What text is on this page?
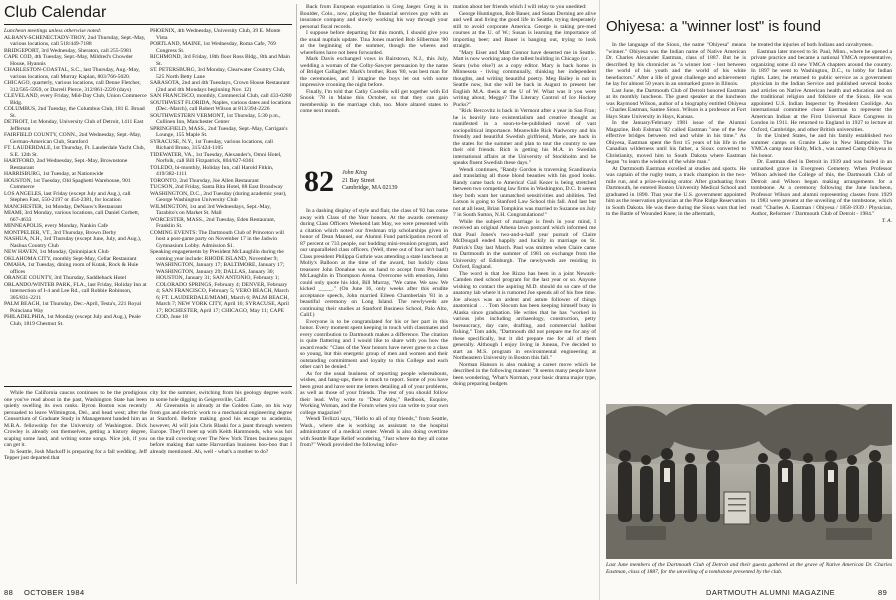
Club Calendar

Luncheon meetings unless otherwise noted:

ALBANY-SCHENECTADY-TROY, 2nd Thursday, Sept.-May, various locations, call 518/449-7188

BRIDGEPORT, 3rd Wednesday, Sheraton, call 255-5981

CAPE COD, 4th Tuesday, Sept.-May, Mildred's Chowder House, Hyannis

CHARLESTON-COASTAL, S.C., last Thursday, Aug.-May, various locations, call Murray Kaplan, 803/766-5020.

CHICAGO, quarterly, various locations, call Denne Fletcher, 312/565-5959, or Darrell Pierce, 312/861-2220 (days)

CLEVELAND, every Friday, Mid-Day Club, Union Commerce Bldg.

COLUMBUS, 2nd Tuesday, the Columbus Club, 181 E. Broad St.

DETROIT, 1st Monday, University Club of Detroit, 1411 East Jefferson

FAIRFIELD COUNTY, CONN., 2nd Wednesday, Sept.-May, German-American Club, Stamford

FT. LAUDERDALE, 1st Thursday, Ft. Lauderdale Yacht Club, S.E. 12th St.

HARTFORD, 2nd Wednesday, Sept.-May, Brownstone Restaurant

HARRISBURG, 1st Tuesday, at Nationwide

HOUSTON, 1st Tuesday, Old Spaghetti Warehouse, 901 Commerce

LOS ANGELES, last Friday (except July and Aug.), call Stephen Fast, 550-2197 or 454-2381, for location

MANCHESTER, 1st Monday, DeNauw's Restaurant

MIAMI, 3rd Monday, various locations, call Daniel Corbett, 667-4633

MINNEAPOLIS, every Monday, Nankin Cafe

MONTPELIER, VT., 3rd Thursday, Brown Derby

NASHUA, N.H., 3rd Thursday (except June, July, and Aug.), Nashua Country Club

NEW HAVEN, 1st Monday, Quinnipiack Club

OKLAHOMA CITY, monthly Sept-May, Cellar Restaurant

OMAHA, 1st Tuesday, dining room of Kutak, Rock & Huie offices

ORANGE COUNTY, 3rd Thursday, Saddleback Hotel

ORLANDO/WINTER PARK, FLA., last Friday, Holiday Inn at intersection of I-4 and Lee Rd., call Robbie Robinson, 305/831-2211

PALM BEACH, 1st Thursday, Dec.-April, Testa's, 221 Royal Poinciana Way

PHILADELPHIA, 1st Monday (except July and Aug.), Peale Club, 1819 Chestnut St.

PHOENIX, 4th Wednesday, University Club, 39 E. Monte Vista

PORTLAND, MAINE, 1st Wednesday, Roma Cafe, 769 Congress St.

RICHMOND, 3rd Friday, 18th floor Ross Bldg., 8th and Main St.

ST. PETERSBURG, 3rd Monday, Clearwater Country Club, 525 North Betty Lane

SARASOTA, 2nd and 4th Tuesdays, Crown House Restaurant (2nd and 4th Mondays beginning Nov. 12)

SAN FRANCISCO, monthly, Commercial Club, call 433-0280

SOUTHWEST FLORIDA, Naples, various dates and locations (Dec.-March), call Robert Wilson at 813/394-2226

SOUTHWESTERN VERMONT, 1st Thursday, 5:30 p.m., Cullinen Inn, Manchester Center

SPRINGFIELD, MASS., 2nd Tuesday, Sept.-May, Carrigan's Lounge, 155 Maple St.

SYRACUSE, N.Y., 1st Tuesday, various locations, call Richard Bruno, 315/424-1105

TIDEWATER, VA., 1st Tuesday, Alexander's, Omni Hotel, Norfolk, call Bill Fitzpatrick, 804/627-8361

TOLEDO, bi-monthly, Holiday Inn, call Harold Fitkin, 419/382-1111

TORONTO, 2nd Thursday, Joe Allen Restaurant

TUCSON, 2nd Friday, Santa Rita Hotel, 88 East Broadway

WASHINGTON, D.C., 2nd Tuesday (during academic year), George Washington University Club

WILMINGTON, 1st and 3rd Wednesdays, Sept.-May, Tarabito's on Market St. Mall

WORCESTER, MASS., 2nd Tuesday, Eden Restaurant, Franklin St.

COMING EVENTS: The Dartmouth Club of Princeton will host a post-game party on November 17 in the Jadwin Gymnasium Lobby. Admission $1.

Speaking engagements by President McLaughlin during the coming year include: RHODE ISLAND, November 9; WASHINGTON, January 17; BALTIMORE, January 17; WASHINGTON, January 29; DALLAS, January 30; HOUSTON, January 31; SAN ANTONIO, February 1; COLORADO SPRINGS, February 4; DENVER, February 4; SAN FRANCISCO, February 5; VERO BEACH, March 6; FT. LAUDERDALE/MIAMI, March 6; PALM BEACH, March 7; NEW YORK CITY, April 16; SYRACUSE, April 17; ROCHESTER, April 17; CHICAGO, May 11; CAPE COD, June 18

While the California caucus continues to be the prodigious one you've read about in the past, Washington State has been quietly swelling its own ranks. Byron Boston was recently persuaded to leave Wilmington, Del., and head west; after the Consortium of Graduate Study in Management handed him an M.B.A. fellowship for the University of Washington. Dick Crowley is already out themselves, getting a history degree, scaping some land, and writing some songs. Nice job, if you can get it.

In Seattle, Josh Mackoff is preparing for a fall wedding. Jeff Tepper just departed that

city for the summer, switching from his geology degree work to some hole digging in Geigersville, Calif.

Al Greenstein is already at the Golden Gate, on his way from gas and electric work to a mechanical engineering degree at Stanford. Before making good his escape to academia, however, Al will join Chris Blaski for a jaunt through western Europe. They'll meet up with Keith Hammonds, who was hot on the trail covering over The New York Times business pages before making that same Harvardian business boo-boo that I already mentioned. Ah, well - what's a mother to do?

Back from European expatriation is Greg Jaeger. Greg is in Boulder, Colo., now, playing the financial services guy with an insurance company and slowly working his way through your personal fiscal records.

I suppose before departing for this month, I should give you the usual nuptials update. Tina Jones married Bob Silberman '80 at the beginning of the summer, though the wheres and wherefores have not been forwarded.

Mark Davis exchanged vows in Bairstown, N.J., this July, wedding a woman of the Colby-Sawyer persuasion by the name of Bridget Gallagher. Mark's brother, Russ '80, was best man for the ceremonies, and I imagine the boys let out with some impressive crooning the night before.

Finally, I'm told that Cathy Costello will get together with Ed Snook '78 in Maine this October, so that they can gain membership in the marriage club, too. More altared states to come next month.

82 John King
21 Bay Street
Cambridge, MA 02139

In a dashing display of style and flair, the class of '82 has come away with Class of the Year honors. At the awards ceremony during Class Officers Weekend last May, we were presented with a citation which noted our freshman trip scholarships given in honor of Dean Manuel, our Alumni Fund participation record of 87 percent or 733 people, our budding mini-reunion program, and our unparalleled class officers. (Well, three out of four isn't bad!) Class president Philippa Guthrie was attending a state luncheon at Molly's Balloon at the time of the award, but luckily class treasurer John Donahue was on hand to accept from President McLaughlin in Thompson Arena. Overcome with emotion, John could only quote his idol, Bill Murray, "We came. We saw. We kicked _____." (On June 16, only weeks after this erudite acceptance speech, John married Eileen Chamberlain '81 in a beautiful ceremony on Long Island. The newlyweds are continuing their studies at Stanford Business School, Palo Alto, Calif.)

Everyone is to be congratulated for his or her part in this honor. Every moment spent keeping in touch with classmates and every contribution to Dartmouth makes a difference. The citation is quite flattering and I would like to share with you how the award reads: "Class of the Year honors have never gone to a class so young, but this energetic group of men and women and their outstanding commitment and loyalty to this College and each other can't be denied."

As for the usual business of reporting people whereabouts, wishes, and hang-ups, there is much to report. Some of you have been great and have sent me letters detailing all of your problems, as well as those of your friends. The rest of you should follow their lead. Why write to "Dear Abby," Redbook, Esquire, Working Woman, and the Forum when you can write to your own college magazine?

Wendi Terlizzi says, "Hello to all of my friends," from Seattle, Wash., where she is working as assistant to the hospital administrator of a medical center. Wendi is also doing overtime with Seattle Rape Relief wondering, "Just where do they all come from?" Wendi provided the following infor-

mation about her friends which I will relay to you unedited:

George Huntington, Bob Bauer, and Susan Dorning are alive and well and living the good life in Seattle, trying desperately still to avoid corporate America. George is taking pre-med courses at the U. of W.; Susan is learning the importance of importing beer; and Bauer is hanging out, trying to look straight.

"Mary Eiser and Matt Connor have deserted me in Seattle. Matt is now working atop the tallest building in Chicago (or . . . Sears (who else?) as a copy editor. Mary is back home in Minnesota - living communally, thinking her independent thoughts, and writing beautiful poetry. Meg Bailey is not in Seattle now, but she will be back in August to present her English M.A. thesis at the U of W. What was it you were writing about, Meggo? The Literary Control of Ice Hockey Pucks?"

"Rick Bercovitz is back in Vermont after a year in San Fran; he is heavily into existentialism and creative thought as manifested in a soon-to-be-published novel of vast sociopolitical importance. Meanwhile Rick Nadworny and his friendly and beautiful Swedish girlfriend, Marie, are back in the states for the summer and plan to tour the country to see their old friends. Rich is getting his M.A. in Swedish international affairs at the University of Stockholm and he speaks fluent Swedish these days."

Wendi continues, "Randy Gordon is traversing Scandinavia and translating all those blond beauties with his good looks. Randy came back to America! Gail Kezer is being stretched between two competing law firms in Washington, D.C. It seems they both want her unmatched sensitivities and abilities. Ted Lotson is going to Stanford Law School this fall. And last but not at all least, Brian Tompkins was married to Suzanne on July 7 in South Sutton, N.H. Congratulations!"

While the subject of marriage is fresh in your mind, I received an original Athena lawn postcard which informed me that Paul Jones's two-and-a-half year pursuit of Claire McDougall ended happily and luckily in marriage on St. Patrick's Day last March. Paul was smitten when Claire came to Dartmouth in the summer of 1981 on exchange from the University of Edinburgh. The newlyweds are residing in Oxford, England.

The word is that Joe Rizzo has been in a joint Newark-Camden med school program for the last year or so. Anyone wishing to contact the aspiring M.D. should do so care of the anatomy lab where it is rumored Joe spends all of his free time. Joe always was an ardent and astute follower of things anatomical . . . Tom Slocum has been keeping himself busy in Alaska since graduation. He writes that he has "worked in various jobs including archaeology, construction, petty bureaucracy, day care, drafting, and commercial halibut fishing." Tom adds, "Dartmouth did not prepare me for any of these specifically, but it did prepare me for all of them generally. Although I enjoy living in Juneau, I've decided to start an M.S. program in environmental engineering at Northeastern University in Boston this fall."

Norman Hanson is also making a career move which he described in the following manner: "It seems many people have been wondering, 'What's Norman, your basic drama major type, doing preparing budgets

Ohiyesa: a "winner lost" is found

In the language of the Sioux, the name "Ohiyesa" means "winner." Ohiyesa was the Indian name of Native American Dr. Charles Alexander Eastman, class of 1887. But he is described by his chronicler as "a winner lost - lost between the world of his youth and the world of his white benefactors." After a life of great challenge and achievement he lay for almost 50 years in an unmarked grave in Illinois.

Last June, the Dartmouth Club of Detroit honored Eastman at its monthly luncheon. The guest speaker at the luncheon was Raymond Wilson, author of a biography entitled Ohiyesa - Charles Eastman, Santee Sioux. Wilson is a professor at Fort Hays State University in Hays, Kansas.

In the January/February 1981 issue of the Alumni Magazine, Bob Eshman '82 called Eastman "one of the few effective bridges between red and white in his time." As Ohiyesa, Eastman spent the first 15 years of his life in the Canadian wilderness until his father, a Sioux converted to Christianity, moved him to South Dakota where Eastman began "to learn the wisdom of the white man."

At Dartmouth Eastman excelled at studies and sports. He was captain of the rugby team, a track champion in the two-mile run, and a prize-winning orator. After graduating from Dartmouth, he entered Boston University Medical School and graduated in 1890. That year the U.S. government appointed him as the reservation physician at the Pine Ridge Reservation in South Dakota. He was there during the Sioux wars that led to the Battle of Wounded Knee; in the aftermath,

he treated the injuries of both Indians and cavalrymen.

Eastman later moved to St. Paul, Minn., where he opened a private practice and became a national YMCA representative, organizing some 43 new YMCA chapters around the country. In 1897 he went to Washington, D.C., to lobby for Indian rights. Later, he returned to public service as a government physician in the Indian Service and published several books and articles on Native American health and education and on the traditional religion and folklore of the Sioux. He was appointed U.S. Indian Inspector by President Coolidge. An international committee chose Eastman to represent the American Indian at the First Universal Race Congress in London in 1911. He returned to England in 1927 to lecture at Oxford, Cambridge, and other British universities.

In the United States, he and his family established two summer camps on Granite Lake in New Hampshire. The YMCA camp near Holly, Mich., was named Camp Ohiyesa in his honor.

Dr. Eastman died in Detroit in 1939 and was buried in an unmarked grave in Evergreen Cemetery. When Professor Wilson advised the College of this, the Dartmouth Club of Detroit and Wilson began making arrangements for a tombstone. At a ceremony following the June luncheon, Professor Wilson and alumni representing classes from 1929 to 1983 were present at the unveiling of the tombstone, which read: "Charles A. Eastman / Ohiyesa / 1858-1939 / Physician, Author, Reformer / Dartmouth Club of Detroit - 1984."

T. A.

Last June members of the Dartmouth Club of Detroit and their guests gathered at the grave of Native American Dr. Charles Eastman, class of 1887, for the unveiling of a tombstone presented by the club.
88 OCTOBER 1984	DARTMOUTH ALUMNI MAGAZINE	89
